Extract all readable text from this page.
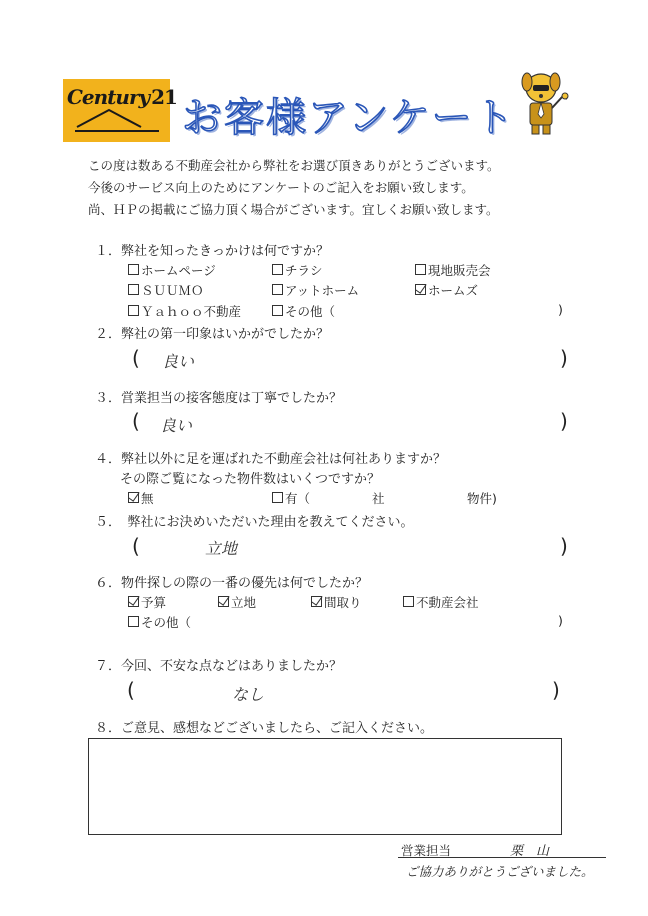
Century 21 お客様アンケート
この度は数ある不動産会社から弊社をお選び頂きありがとうございます。
今後のサービス向上のためにアンケートのご記入をお願い致します。
尚、ＨＰの掲載にご協力頂く場合がございます。宜しくお願い致します。
１．弊社を知ったきっかけは何ですか？
ホームページ	チラシ	現地販売会
ＳＵＵＭＯ	アットホーム	ホームズ
Ｙａｈｏｏ不動産	その他（	)
２．弊社の第一印象はいかがでしたか？
( 良い	)
３．営業担当の接客態度は丁寧でしたか？
( 良い	)
４．弊社以外に足を運ばれた不動産会社は何社ありますか？
その際ご覧になった物件数はいくつですか？
無	有（	社	物件)
５．　弊社にお決めいただいた理由を教えてください。
(	立地	)
６．物件探しの際の一番の優先は何でしたか？
予算	立地	間取り	不動産会社
その他（	)
７．今回、不安な点などはありましたか？
(	なし	)
８．ご意見、感想などございましたら、ご記入ください。
営業担当	栗　山
ご協力ありがとうございました。
